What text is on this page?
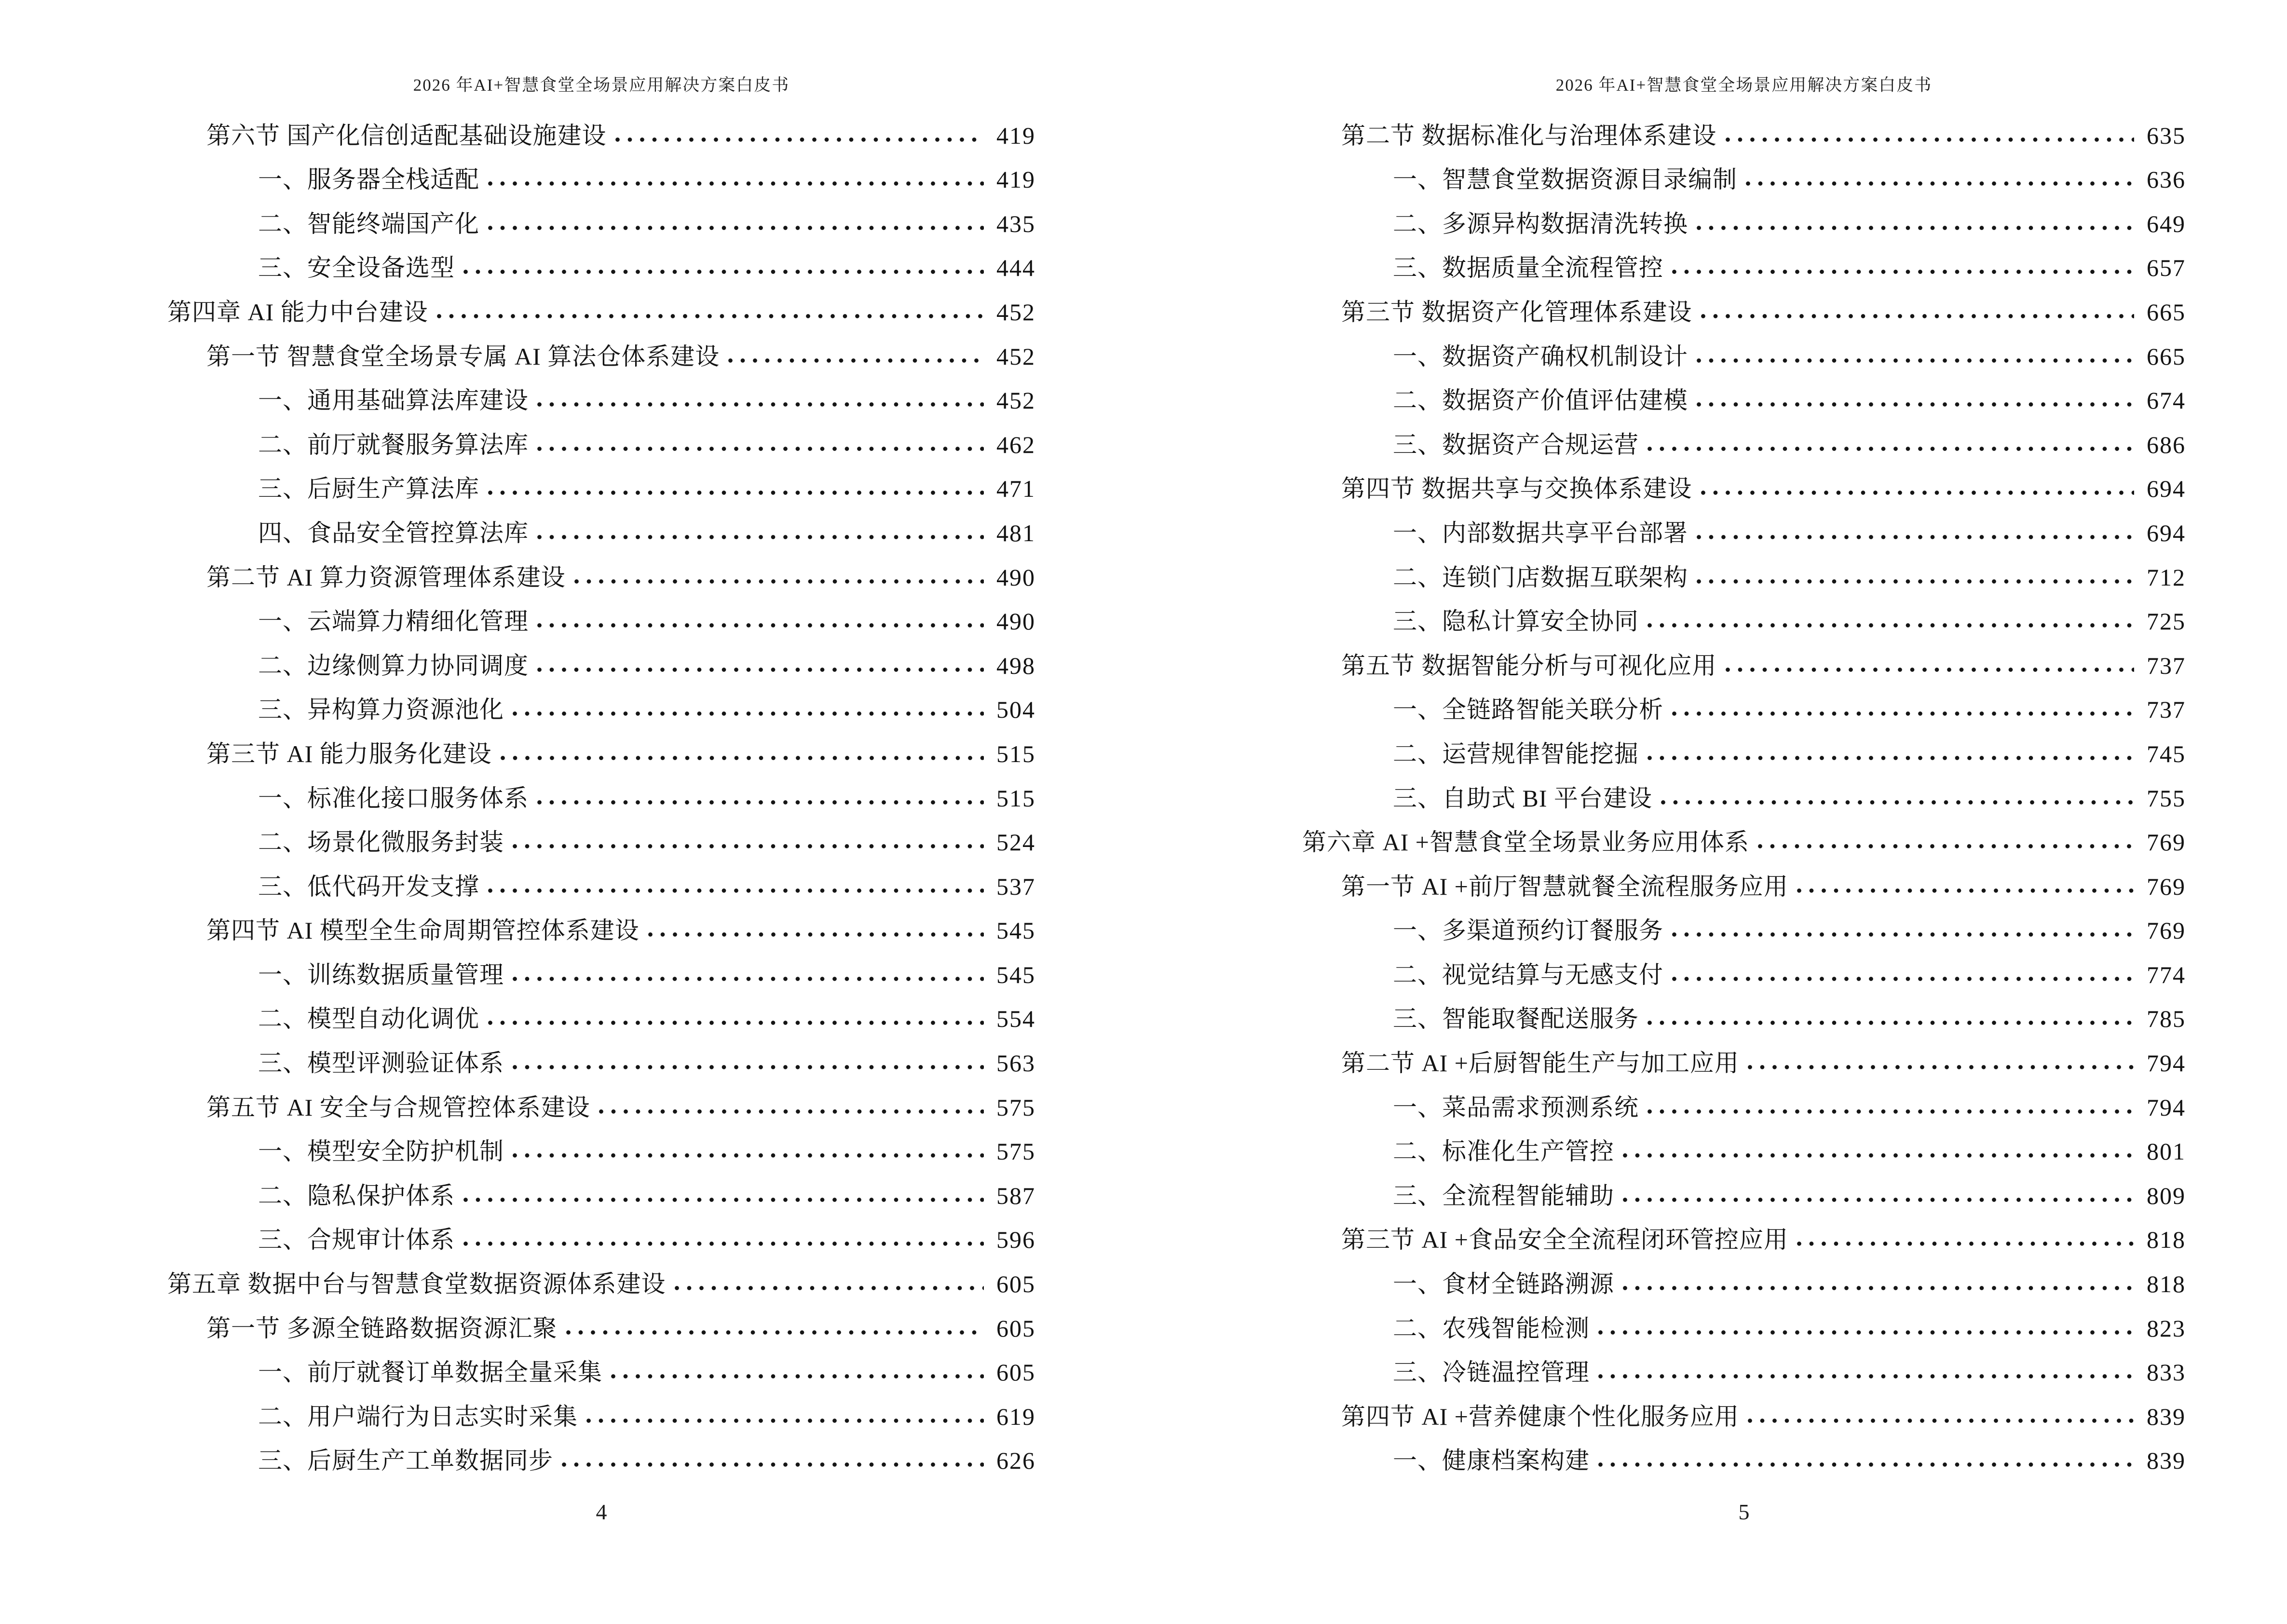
2026 年AI+智慧食堂全场景应用解决方案白皮书
第六节 国产化信创适配基础设施建设	419
一、服务器全栈适配	419
二、智能终端国产化	435
三、安全设备选型	444
第四章 AI 能力中台建设	452
第一节 智慧食堂全场景专属 AI 算法仓体系建设	452
一、通用基础算法库建设	452
二、前厅就餐服务算法库	462
三、后厨生产算法库	471
四、食品安全管控算法库	481
第二节 AI 算力资源管理体系建设	490
一、云端算力精细化管理	490
二、边缘侧算力协同调度	498
三、异构算力资源池化	504
第三节 AI 能力服务化建设	515
一、标准化接口服务体系	515
二、场景化微服务封装	524
三、低代码开发支撑	537
第四节 AI 模型全生命周期管控体系建设	545
一、训练数据质量管理	545
二、模型自动化调优	554
三、模型评测验证体系	563
第五节 AI 安全与合规管控体系建设	575
一、模型安全防护机制	575
二、隐私保护体系	587
三、合规审计体系	596
第五章 数据中台与智慧食堂数据资源体系建设	605
第一节 多源全链路数据资源汇聚	605
一、前厅就餐订单数据全量采集	605
二、用户端行为日志实时采集	619
三、后厨生产工单数据同步	626
4
2026 年AI+智慧食堂全场景应用解决方案白皮书
第二节 数据标准化与治理体系建设	635
一、智慧食堂数据资源目录编制	636
二、多源异构数据清洗转换	649
三、数据质量全流程管控	657
第三节 数据资产化管理体系建设	665
一、数据资产确权机制设计	665
二、数据资产价值评估建模	674
三、数据资产合规运营	686
第四节 数据共享与交换体系建设	694
一、内部数据共享平台部署	694
二、连锁门店数据互联架构	712
三、隐私计算安全协同	725
第五节 数据智能分析与可视化应用	737
一、全链路智能关联分析	737
二、运营规律智能挖掘	745
三、自助式 BI 平台建设	755
第六章 AI +智慧食堂全场景业务应用体系	769
第一节 AI +前厅智慧就餐全流程服务应用	769
一、多渠道预约订餐服务	769
二、视觉结算与无感支付	774
三、智能取餐配送服务	785
第二节 AI +后厨智能生产与加工应用	794
一、菜品需求预测系统	794
二、标准化生产管控	801
三、全流程智能辅助	809
第三节 AI +食品安全全流程闭环管控应用	818
一、食材全链路溯源	818
二、农残智能检测	823
三、冷链温控管理	833
第四节 AI +营养健康个性化服务应用	839
一、健康档案构建	839
5
